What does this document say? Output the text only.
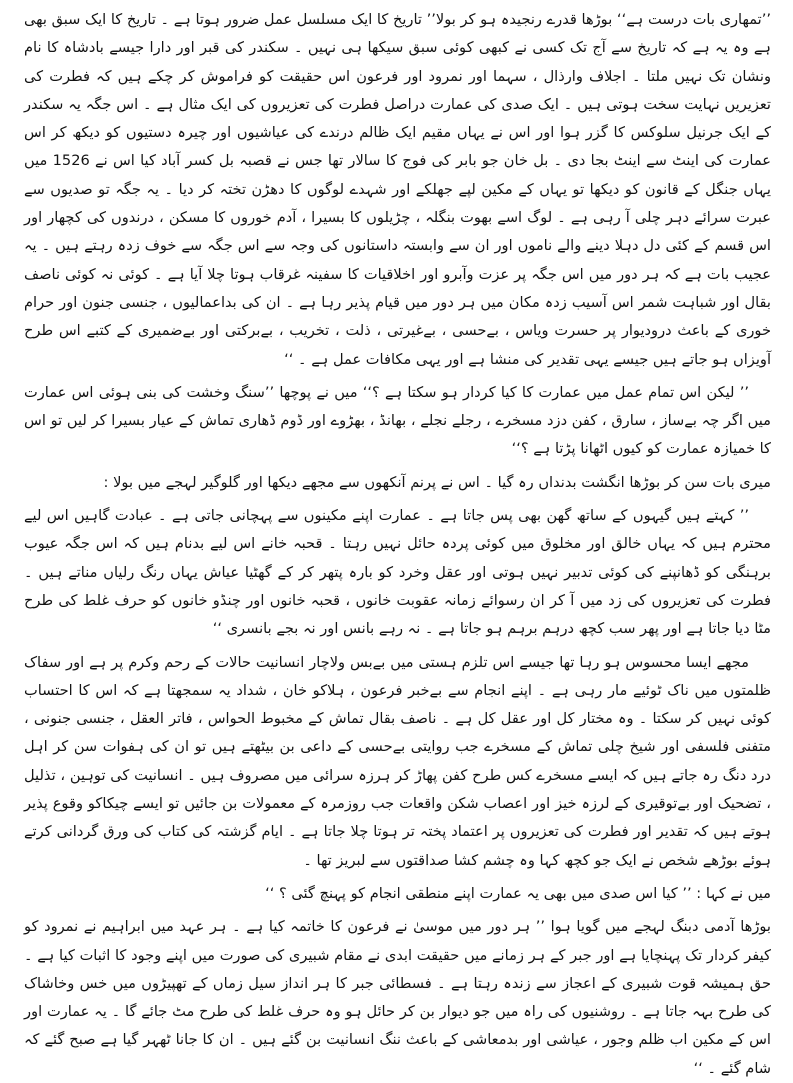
’’تمھاری بات درست ہے‘‘ بوڑھا قدرے رنجیدہ ہو کر بولا’’ تاریخ کا ایک مسلسل عمل ضرور ہوتا ہے ۔ تاریخ کا ایک سبق بھی ہے وہ یہ ہے کہ تاریخ سے آج تک کسی نے کبھی کوئی سبق سیکھا ہی نہیں ۔ سکندر کی قبر اور دارا جیسے بادشاہ کا نام ونشان تک نہیں ملتا ۔ اجلاف وارذال ، سہما اور نمرود اور فرعون اس حقیقت کو فراموش کر چکے ہیں کہ فطرت کی تعزیریں نہایت سخت ہوتی ہیں ۔ ایک صدی کی عمارت دراصل فطرت کی تعزیروں کی ایک مثال ہے ۔ اس جگہ یہ سکندر کے ایک جرنیل سلوکس کا گزر ہوا اور اس نے یہاں مقیم ایک ظالم درندے کی عیاشیوں اور چیرہ دستیوں کو دیکھ کر اس عمارت کی اینٹ سے اینٹ بجا دی ۔ بل خان جو بابر کی فوج کا سالار تھا جس نے قصبہ بل کسر آباد کیا اس نے 1526 میں یہاں جنگل کے قانون کو دیکھا تو یہاں کے مکین لپے جھلکے اور شہدے لوگوں کا دھڑن تختہ کر دیا ۔ یہ جگہ تو صدیوں سے عبرت سرائے دہر چلی آ رہی ہے ۔ لوگ اسے بھوت بنگلہ ، چڑیلوں کا بسیرا ، آدم خوروں کا مسکن ، درندوں کی کچھار اور اس قسم کے کئی دل دہلا دینے والے ناموں اور ان سے وابستہ داستانوں کی وجہ سے اس جگہ سے خوف زدہ رہتے ہیں ۔ یہ عجیب بات ہے کہ ہر دور میں اس جگہ پر عزت وآبرو اور اخلاقیات کا سفینہ غرقاب ہوتا چلا آیا ہے ۔ کوئی نہ کوئی ناصف بقال اور شباہت شمر اس آسیب زدہ مکان میں ہر دور میں قیام پذیر رہا ہے ۔ ان کی بداعمالیوں ، جنسی جنون اور حرام خوری کے باعث درودیوار پر حسرت ویاس ، بےحسی ، بےغیرتی ، ذلت ، تخریب ، بےبرکتی اور بےضمیری کے کتبے اس طرح آویزاں ہو جاتے ہیں جیسے یہی تقدیر کی منشا ہے اور یہی مکافات عمل ہے ۔ ‘‘

’’ لیکن اس تمام عمل میں عمارت کا کیا کردار ہو سکتا ہے ؟‘‘ میں نے پوچھا ’’سنگ وخشت کی بنی ہوئی اس عمارت میں اگر چہ بےساز ، سارق ، کفن دزد مسخرے ، رجلے نجلے ، بھانڈ ، بھڑوے اور ڈوم ڈھاری تماش کے عیار بسیرا کر لیں تو اس کا خمیازہ عمارت کو کیوں اٹھانا پڑتا ہے ؟‘‘

میری بات سن کر بوڑھا انگشت بدنداں رہ گیا ۔ اس نے پرنم آنکھوں سے مجھے دیکھا اور گلوگیر لہجے میں بولا :

’’ کہتے ہیں گیہوں کے ساتھ گھن بھی پس جاتا ہے ۔ عمارت اپنے مکینوں سے پہچانی جاتی ہے ۔ عبادت گاہیں اس لیے محترم ہیں کہ یہاں خالق اور مخلوق میں کوئی پردہ حائل نہیں رہتا ۔ قحبہ خانے اس لیے بدنام ہیں کہ اس جگہ عیوب برہنگی کو ڈھانپنے کی کوئی تدبیر نہیں ہوتی اور عقل وخرد کو بارہ پتھر کر کے گھٹیا عیاش یہاں رنگ رلیاں مناتے ہیں ۔ فطرت کی تعزیروں کی زد میں آ کر ان رسوائے زمانہ عقوبت خانوں ، قحبہ خانوں اور چنڈو خانوں کو حرف غلط کی طرح مٹا دیا جاتا ہے اور پھر سب کچھ درہم برہم ہو جاتا ہے ۔ نہ رہے بانس اور نہ بجے بانسری ‘‘

مجھے ایسا محسوس ہو رہا تھا جیسے اس تلزم ہستی میں بےبس ولاچار انسانیت حالات کے رحم وکرم پر ہے اور سفاک ظلمتوں میں ناک ٹوئیے مار رہی ہے ۔ اپنے انجام سے بےخبر فرعون ، ہلاکو خان ، شداد یہ سمجھتا ہے کہ اس کا احتساب کوئی نہیں کر سکتا ۔ وہ مختار کل اور عقل کل ہے ۔ ناصف بقال تماش کے مخبوط الحواس ، فاتر العقل ، جنسی جنونی ، متفنی فلسفی اور شیخ چلی تماش کے مسخرے جب روایتی بےحسی کے داعی بن بیٹھتے ہیں تو ان کی ہفوات سن کر اہل درد دنگ رہ جاتے ہیں کہ ایسے مسخرے کس طرح کفن پھاڑ کر ہرزہ سرائی میں مصروف ہیں ۔ انسانیت کی توہین ، تذلیل ، تضحیک اور بےتوقیری کے لرزہ خیز اور اعصاب شکن واقعات جب روزمرہ کے معمولات بن جائیں تو ایسے چیکاکو وقوع پذیر ہوتے ہیں کہ تقدیر اور فطرت کی تعزیروں پر اعتماد پختہ تر ہوتا چلا جاتا ہے ۔ ایام گزشتہ کی کتاب کی ورق گردانی کرتے ہوئے بوڑھے شخص نے ایک جو کچھ کہا وہ چشم کشا صداقتوں سے لبریز تھا ۔

میں نے کہا : ’’ کیا اس صدی میں بھی یہ عمارت اپنے منطقی انجام کو پہنچ گئی ؟ ‘‘

بوڑھا آدمی دبنگ لہجے میں گویا ہوا ’’ ہر دور میں موسیٰ نے فرعون کا خاتمہ کیا ہے ۔ ہر عہد میں ابراہیم نے نمرود کو کیفر کردار تک پہنچایا ہے اور جبر کے ہر زمانے میں حقیقت ابدی نے مقام شبیری کی صورت میں اپنے وجود کا اثبات کیا ہے ۔ حق ہمیشہ قوت شبیری کے اعجاز سے زندہ رہتا ہے ۔ فسطائی جبر کا ہر انداز سیل زماں کے تھپیڑوں میں خس وخاشاک کی طرح بہہ جاتا ہے ۔ روشنیوں کی راہ میں جو دیوار بن کر حائل ہو وہ حرف غلط کی طرح مٹ جائے گا ۔ یہ عمارت اور اس کے مکین اب ظلم وجور ، عیاشی اور بدمعاشی کے باعث ننگ انسانیت بن گئے ہیں ۔ ان کا جانا ٹھہر گیا ہے صبح گئے کہ شام گئے ۔ ‘‘
